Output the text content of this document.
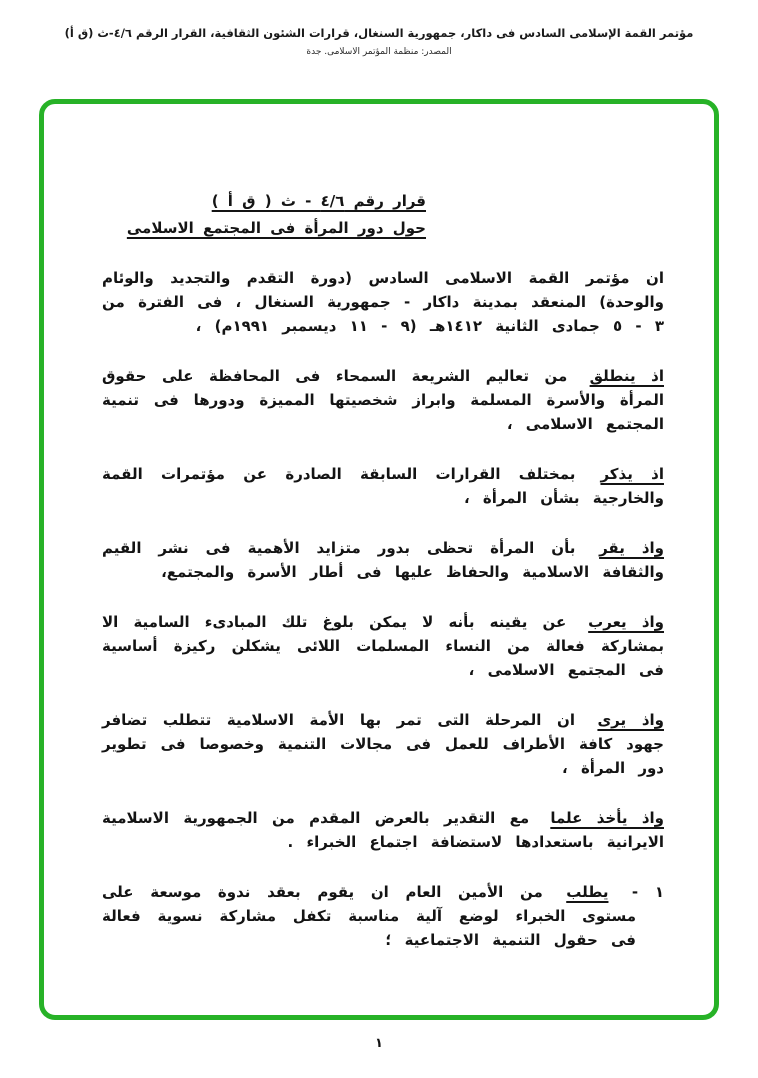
مؤتمر القمة الإسلامى السادس فى داكار، جمهورية السنغال، قرارات الشئون الثقافية، القرار الرقم ٤/٦-ث (ق أ)
المصدر: منظمة المؤتمر الاسلامى. جدة
قرار رقم ٤/٦ - ث ( ق أ )
حول دور المرأة فى المجتمع الاسلامى

ان مؤتمر القمة الاسلامى السادس (دورة التقدم والتجديد والوئام والوحدة) المنعقد بمدينة داكار - جمهورية السنغال ، فى الفترة من ٣ - ٥ جمادى الثانية ١٤١٢هـ (٩ - ١١ ديسمبر ١٩٩١م) ،

اذ ينطلق من تعاليم الشريعة السمحاء فى المحافظة على حقوق المرأة والأسرة المسلمة وابراز شخصيتها المميزة ودورها فى تنمية المجتمع الاسلامى ،

اذ يذكر بمختلف القرارات السابقة الصادرة عن مؤتمرات القمة والخارجية بشأن المرأة ،

واذ يقر بأن المرأة تحظى بدور متزايد الأهمية فى نشر القيم والثقافة الاسلامية والحفاظ عليها فى أطار الأسرة والمجتمع،

واذ يعرب عن يقينه بأنه لا يمكن بلوغ تلك المبادىء السامية الا بمشاركة فعالة من النساء المسلمات اللائى يشكلن ركيزة أساسية فى المجتمع الاسلامى ،

واذ يرى ان المرحلة التى تمر بها الأمة الاسلامية تتطلب تضافر جهود كافة الأطراف للعمل فى مجالات التنمية وخصوصا فى تطوير دور المرأة ،

واذ يأخذ علما مع التقدير بالعرض المقدم من الجمهورية الاسلامية الايرانية باستعدادها لاستضافة اجتماع الخبراء .

١ - يطلب من الأمين العام ان يقوم بعقد ندوة موسعة على مستوى الخبراء لوضع آلية مناسبة تكفل مشاركة نسوية فعالة فى حقول التنمية الاجتماعية ؛

١
